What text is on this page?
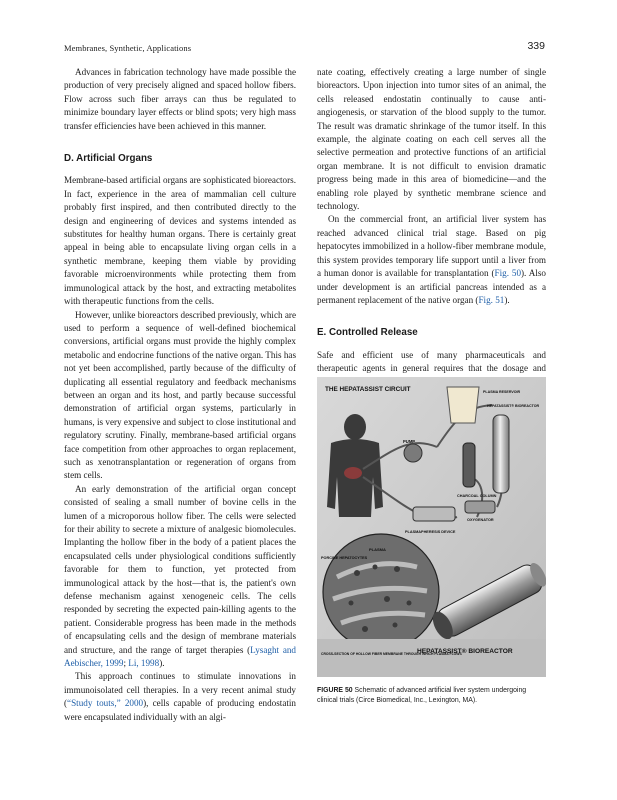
Membranes, Synthetic, Applications	339

Advances in fabrication technology have made possible the production of very precisely aligned and spaced hollow fibers. Flow across such fiber arrays can thus be regulated to minimize boundary layer effects or blind spots; very high mass transfer efficiencies have been achieved in this manner.

D. Artificial Organs

Membrane-based artificial organs are sophisticated bioreactors. In fact, experience in the area of mammalian cell culture probably first inspired, and then contributed directly to the design and engineering of devices and systems intended as substitutes for healthy human organs. There is certainly great appeal in being able to encapsulate living organ cells in a synthetic membrane, keeping them viable by providing favorable microenvironments while protecting them from immunological attack by the host, and extracting metabolites with therapeutic functions from the cells.

However, unlike bioreactors described previously, which are used to perform a sequence of well-defined biochemical conversions, artificial organs must provide the highly complex metabolic and endocrine functions of the native organ. This has not yet been accomplished, partly because of the difficulty of duplicating all essential regulatory and feedback mechanisms between an organ and its host, and partly because successful demonstration of artificial organ systems, particularly in humans, is very expensive and subject to close institutional and regulatory scrutiny. Finally, membrane-based artificial organs face competition from other approaches to organ replacement, such as xenotransplantation or regeneration of organs from stem cells.

An early demonstration of the artificial organ concept consisted of sealing a small number of bovine cells in the lumen of a microporous hollow fiber. The cells were selected for their ability to secrete a mixture of analgesic biomolecules. Implanting the hollow fiber in the body of a patient places the encapsulated cells under physiological conditions sufficiently favorable for them to function, yet protected from immunological attack by the host—that is, the patient's own defense mechanism against xenogeneic cells. The cells responded by secreting the expected pain-killing agents to the patient. Considerable progress has been made in the methods of encapsulating cells and the design of membrane materials and structure, and the range of target therapies (Lysaght and Aebischer, 1999; Li, 1998).

This approach continues to stimulate innovations in immunoisolated cell therapies. In a very recent animal study (“Study touts,” 2000), cells capable of producing endostatin were encapsulated individually with an algi-

nate coating, effectively creating a large number of single bioreactors. Upon injection into tumor sites of an animal, the cells released endostatin continually to cause anti-angiogenesis, or starvation of the blood supply to the tumor. The result was dramatic shrinkage of the tumor itself. In this example, the alginate coating on each cell serves all the selective permeation and protective functions of an artificial organ membrane. It is not difficult to envision dramatic progress being made in this area of biomedicine—and the enabling role played by synthetic membrane science and technology.

On the commercial front, an artificial liver system has reached advanced clinical trial stage. Based on pig hepatocytes immobilized in a hollow-fiber membrane module, this system provides temporary life support until a liver from a human donor is available for transplantation (Fig. 50). Also under development is an artificial pancreas intended as a permanent replacement of the native organ (Fig. 51).

E. Controlled Release

Safe and efficient use of many pharmaceuticals and therapeutic agents in general requires that the dosage and

THE HEPATASSIST CIRCUIT	PLASMA RESERVOIR
HEPATASSIST® BIOREACTOR
PUMP
CHARCOAL COLUMN
OXYGENATOR
PLASMAPHERESIS DEVICE
PLASMA
PORCINE HEPATOCYTES
HEPATASSIST® BIOREACTOR
CROSS-SECTION OF HOLLOW FIBER MEMBRANE THROUGH WHICH PLASMA FLOWS
FIGURE 50 Schematic of advanced artificial liver system undergoing clinical trials (Circe Biomedical, Inc., Lexington, MA).
